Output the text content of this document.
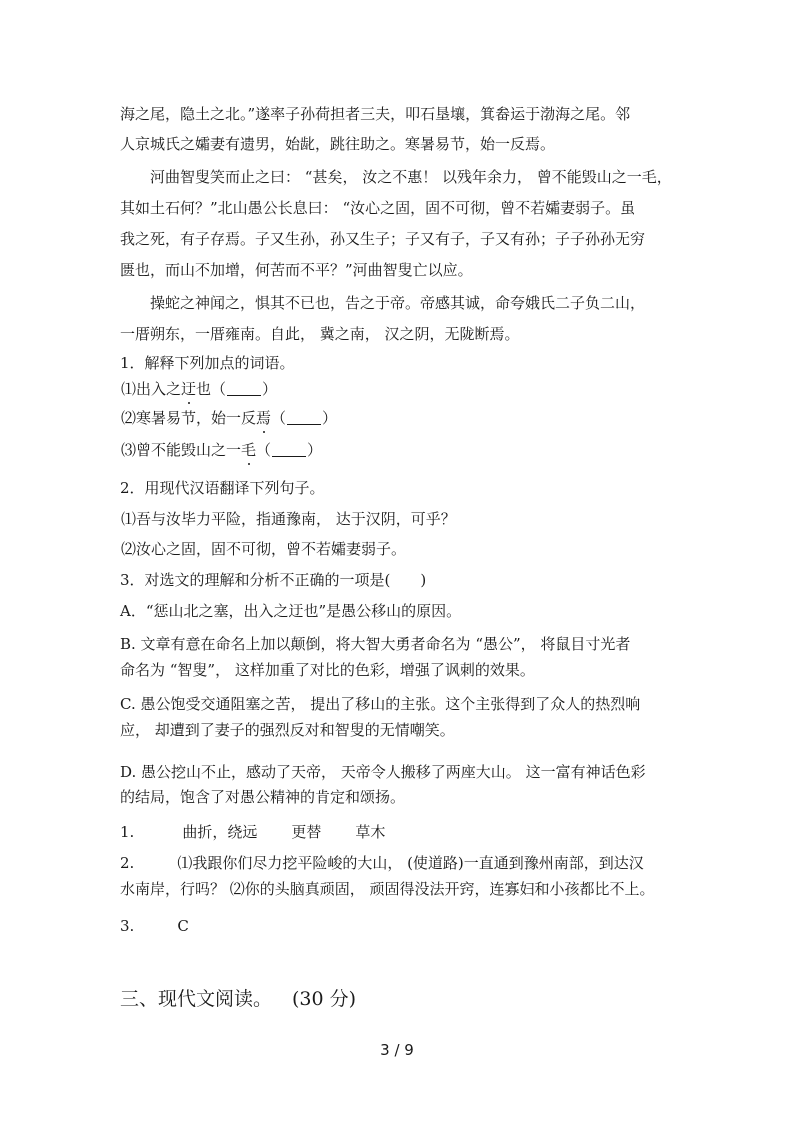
海之尾，隐土之北。”遂率子孙荷担者三夫，叩石垦壤，箕畚运于渤海之尾。邻
人京城氏之孀妻有遗男，始龀，跳往助之。寒暑易节，始一反焉。
河曲智叟笑而止之曰： “甚矣， 汝之不惠！ 以残年余力， 曾不能毁山之一毛，
其如土石何？”北山愚公长息曰： “汝心之固，固不可彻，曾不若孀妻弱子。虽
我之死，有子存焉。子又生孙，孙又生子；子又有子，子又有孙；子子孙孙无穷
匮也，而山不加增，何苦而不平？”河曲智叟亡以应。
操蛇之神闻之，惧其不已也，告之于帝。帝感其诚，命夸娥氏二子负二山，
一厝朔东，一厝雍南。自此， 冀之南， 汉之阴，无陇断焉。
1．解释下列加点的词语。
⑴出入之迂也（ ）
⑵寒暑易节，始一反焉（ ）
⑶曾不能毁山之一毛（ ）
2．用现代汉语翻译下列句子。
⑴吾与汝毕力平险，指通豫南， 达于汉阴，可乎？
⑵汝心之固，固不可彻，曾不若孀妻弱子。
3．对选文的理解和分析不正确的一项是(　　)
A．“惩山北之塞，出入之迂也”是愚公移山的原因。
B. 文章有意在命名上加以颠倒，将大智大勇者命名为 “愚公”， 将鼠目寸光者
命名为 “智叟”， 这样加重了对比的色彩，增强了讽刺的效果。
C. 愚公饱受交通阻塞之苦， 提出了移山的主张。这个主张得到了众人的热烈响
应， 却遭到了妻子的强烈反对和智叟的无情嘲笑。
D. 愚公挖山不止，感动了天帝， 天帝令人搬移了两座大山。 这一富有神话色彩
的结局，饱含了对愚公精神的肯定和颂扬。
1.	曲折，绕远 更替 草木
2.	⑴我跟你们尽力挖平险峻的大山， (使道路)一直通到豫州南部，到达汉
水南岸，行吗？ ⑵你的头脑真顽固， 顽固得没法开窍，连寡妇和小孩都比不上。
3.	C
三、现代文阅读。 (30 分)
3 / 9
